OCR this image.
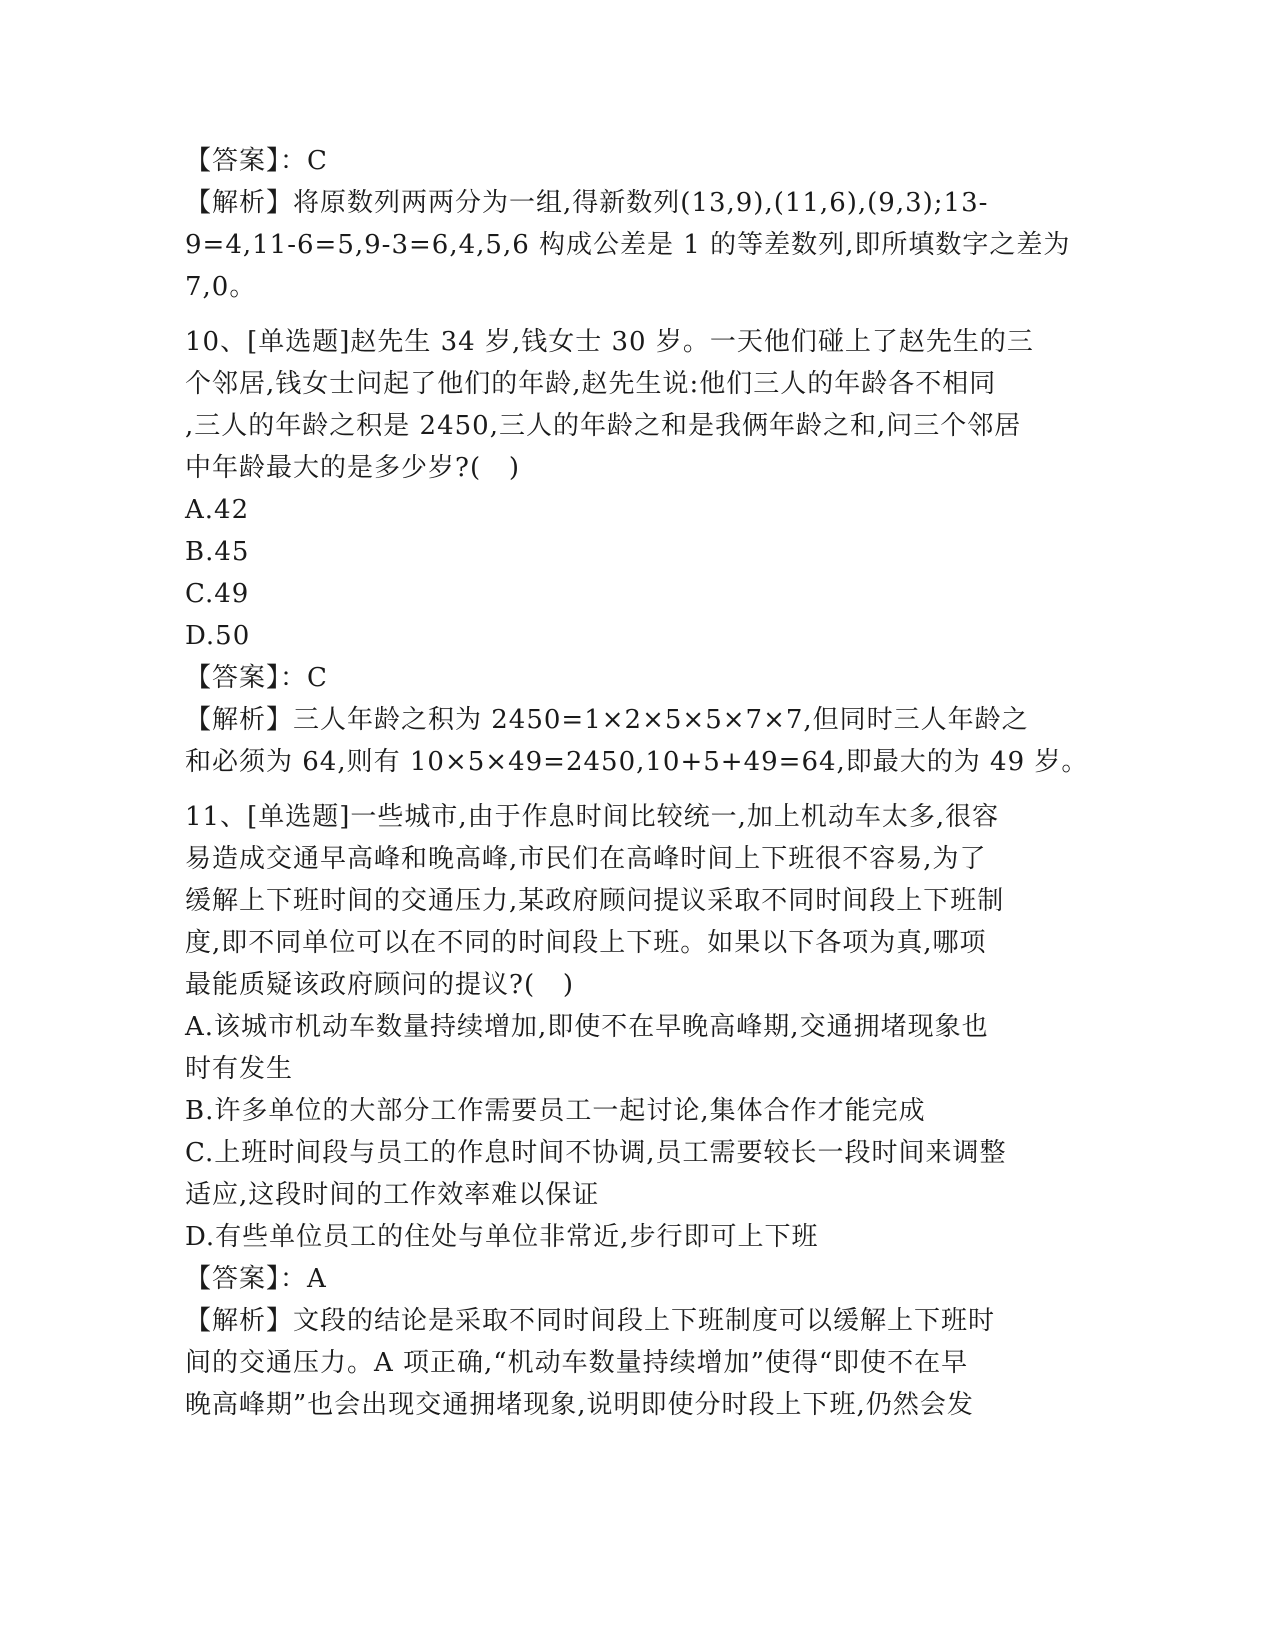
【答案】：C
【解析】将原数列两两分为一组,得新数列(13,9),(11,6),(9,3);13-
9=4,11-6=5,9-3=6,4,5,6 构成公差是 1 的等差数列,即所填数字之差为
7,0。
10、[单选题]赵先生 34 岁,钱女士 30 岁。一天他们碰上了赵先生的三
个邻居,钱女士问起了他们的年龄,赵先生说:他们三人的年龄各不相同
,三人的年龄之积是 2450,三人的年龄之和是我俩年龄之和,问三个邻居
中年龄最大的是多少岁?(   )
A.42
B.45
C.49
D.50
【答案】：C
【解析】三人年龄之积为 2450=1×2×5×5×7×7,但同时三人年龄之
和必须为 64,则有 10×5×49=2450,10+5+49=64,即最大的为 49 岁。
11、[单选题]一些城市,由于作息时间比较统一,加上机动车太多,很容
易造成交通早高峰和晚高峰,市民们在高峰时间上下班很不容易,为了
缓解上下班时间的交通压力,某政府顾问提议采取不同时间段上下班制
度,即不同单位可以在不同的时间段上下班。如果以下各项为真,哪项
最能质疑该政府顾问的提议?(   )
A.该城市机动车数量持续增加,即使不在早晚高峰期,交通拥堵现象也
时有发生
B.许多单位的大部分工作需要员工一起讨论,集体合作才能完成
C.上班时间段与员工的作息时间不协调,员工需要较长一段时间来调整
适应,这段时间的工作效率难以保证
D.有些单位员工的住处与单位非常近,步行即可上下班
【答案】：A
【解析】文段的结论是采取不同时间段上下班制度可以缓解上下班时
间的交通压力。A 项正确,“机动车数量持续增加”使得“即使不在早
晚高峰期”也会出现交通拥堵现象,说明即使分时段上下班,仍然会发
